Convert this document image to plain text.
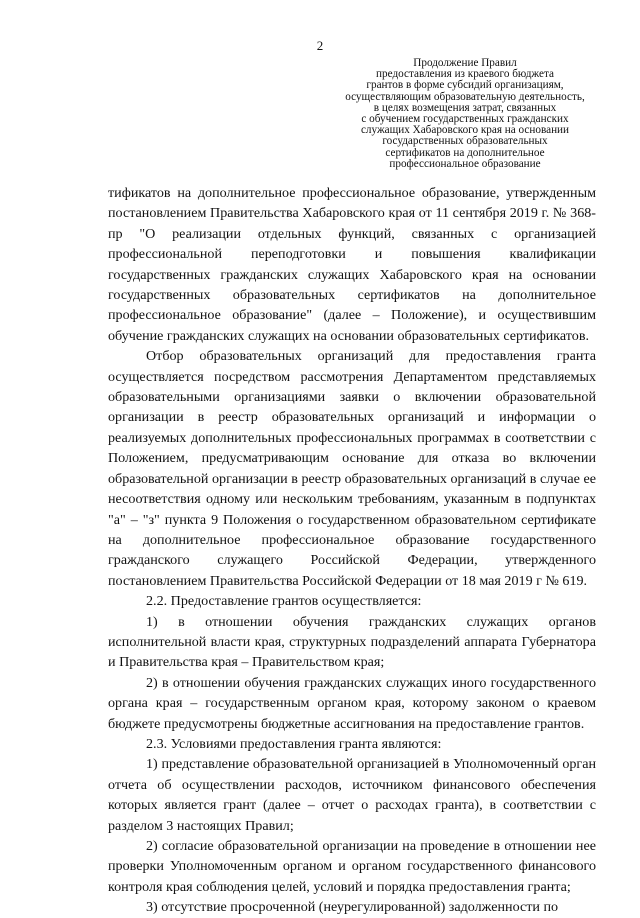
2
Продолжение Правил
предоставления из краевого бюджета
грантов в форме субсидий организациям,
осуществляющим образовательную деятельность,
в целях возмещения затрат, связанных
с обучением государственных гражданских
служащих Хабаровского края на основании
государственных образовательных
сертификатов на дополнительное
профессиональное образование

тификатов на дополнительное профессиональное образование, утвержденным постановлением Правительства Хабаровского края от 11 сентября 2019 г. № 368-пр "О реализации отдельных функций, связанных с организацией профессиональной переподготовки и повышения квалификации государственных гражданских служащих Хабаровского края на основании государственных образовательных сертификатов на дополнительное профессиональное образование" (далее – Положение), и осуществившим обучение гражданских служащих на основании образовательных сертификатов.

Отбор образовательных организаций для предоставления гранта осуществляется посредством рассмотрения Департаментом представляемых образовательными организациями заявки о включении образовательной организации в реестр образовательных организаций и информации о реализуемых дополнительных профессиональных программах в соответствии с Положением, предусматривающим основание для отказа во включении образовательной организации в реестр образовательных организаций в случае ее несоответствия одному или нескольким требованиям, указанным в подпунктах "а" – "з" пункта 9 Положения о государственном образовательном сертификате на дополнительное профессиональное образование государственного гражданского служащего Российской Федерации, утвержденного постановлением Правительства Российской Федерации от 18 мая 2019 г № 619.

2.2. Предоставление грантов осуществляется:

1) в отношении обучения гражданских служащих органов исполнительной власти края, структурных подразделений аппарата Губернатора и Правительства края – Правительством края;

2) в отношении обучения гражданских служащих иного государственного органа края – государственным органом края, которому законом о краевом бюджете предусмотрены бюджетные ассигнования на предоставление грантов.

2.3. Условиями предоставления гранта являются:

1) представление образовательной организацией в Уполномоченный орган отчета об осуществлении расходов, источником финансового обеспечения которых является грант (далее – отчет о расходах гранта), в соответствии с разделом 3 настоящих Правил;

2) согласие образовательной организации на проведение в отношении нее проверки Уполномоченным органом и органом государственного финансового контроля края соблюдения целей, условий и порядка предоставления гранта;

3) отсутствие просроченной (неурегулированной) задолженности по
